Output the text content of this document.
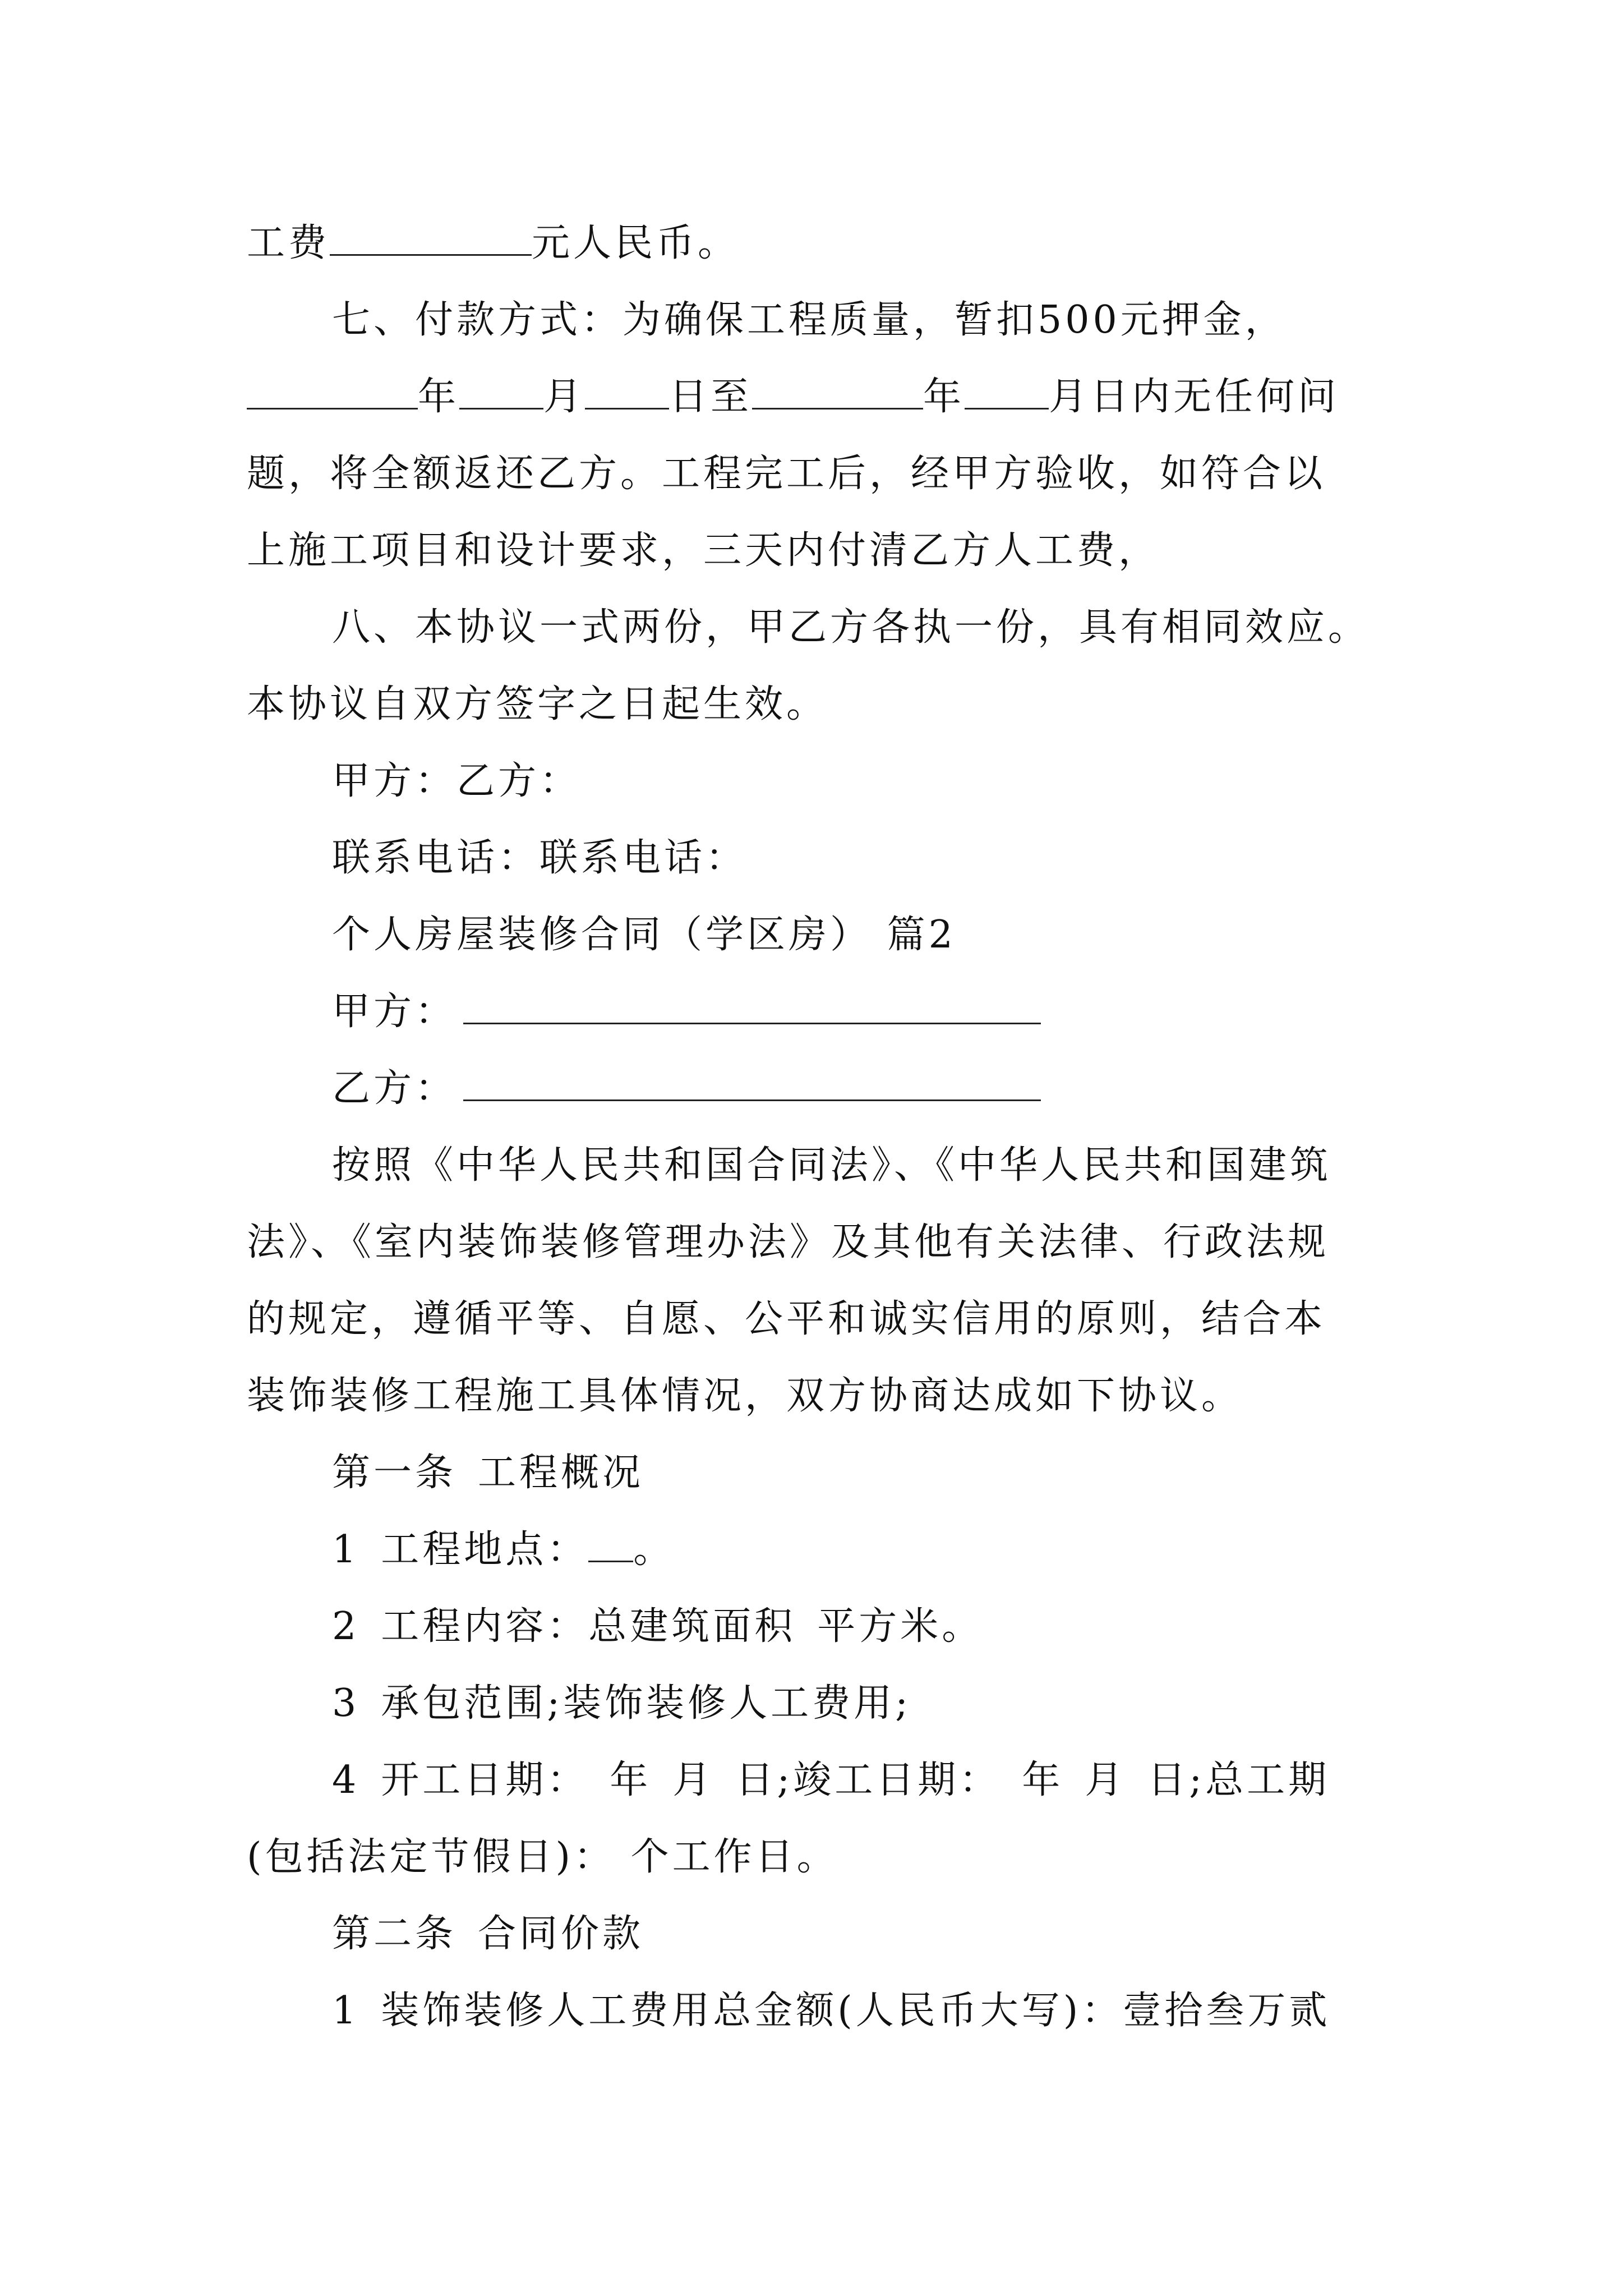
工费	元人民币。
七、付款方式：为确保工程质量，暂扣500元押金，
年 月 日至	年 月日内无任何问
题，将全额返还乙方。工程完工后，经甲方验收，如符合以
上施工项目和设计要求，三天内付清乙方人工费，
八、本协议一式两份，甲乙方各执一份，具有相同效应。
本协议自双方签字之日起生效。
甲方：乙方：
联系电话：联系电话：
个人房屋装修合同（学区房） 篇2
甲方：
乙方：
按照《中华人民共和国合同法》、《中华人民共和国建筑
法》、《室内装饰装修管理办法》及其他有关法律、行政法规
的规定，遵循平等、自愿、公平和诚实信用的原则，结合本
装饰装修工程施工具体情况，双方协商达成如下协议。
第一条 工程概况
1 工程地点： 。
2 工程内容：总建筑面积 平方米。
3 承包范围;装饰装修人工费用;
4 开工日期： 年 月 日;竣工日期： 年 月 日;总工期
(包括法定节假日)： 个工作日。
第二条 合同价款
1 装饰装修人工费用总金额(人民币大写)：壹拾叁万贰
